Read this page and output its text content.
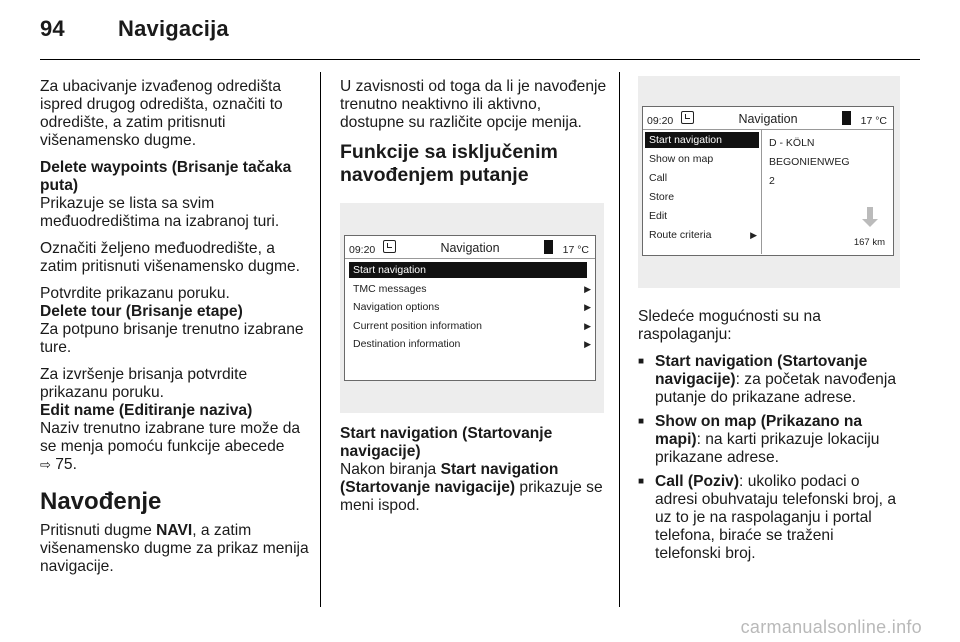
94 Navigacija

Za ubacivanje izvađenog odredišta ispred drugog odredišta, označiti to odredište, a zatim pritisnuti višenamensko dugme.

Delete waypoints (Brisanje tačaka puta)

Prikazuje se lista sa svim međuodredištima na izabranoj turi.

Označiti željeno međuodredište, a zatim pritisnuti višenamensko dugme.

Potvrdite prikazanu poruku.

Delete tour (Brisanje etape)

Za potpuno brisanje trenutno izabrane ture.

Za izvršenje brisanja potvrdite prikazanu poruku.

Edit name (Editiranje naziva)

Naziv trenutno izabrane ture može da se menja pomoću funkcije abecede
⇨ 75.

Navođenje

Pritisnuti dugme NAVI, a zatim višenamensko dugme za prikaz menija navigacije.

U zavisnosti od toga da li je navođenje trenutno neaktivno ili aktivno, dostupne su različite opcije menija.

Funkcije sa isključenim navođenjem putanje
09:20	Navigation	17 °C
Start navigation
TMC messages	▶
Navigation options	▶
Current position information	▶
Destination information	▶
Start navigation (Startovanje navigacije)

Nakon biranja Start navigation (Startovanje navigacije) prikazuje se meni ispod.

09:20	Navigation	17 °C
Start navigation
Show on map
Call
Store
Edit
Route criteria	▶
D - KÖLN
BEGONIENWEG
2
167 km

Sledeće mogućnosti su na raspolaganju:

■ Start navigation (Startovanje navigacije): za početak navođenja putanje do prikazane adrese.
■ Show on map (Prikazano na mapi): na karti prikazuje lokaciju prikazane adrese.
■ Call (Poziv): ukoliko podaci o adresi obuhvataju telefonski broj, a uz to je na raspolaganju i portal telefona, biraće se traženi telefonski broj.
carmanualsonline.info
